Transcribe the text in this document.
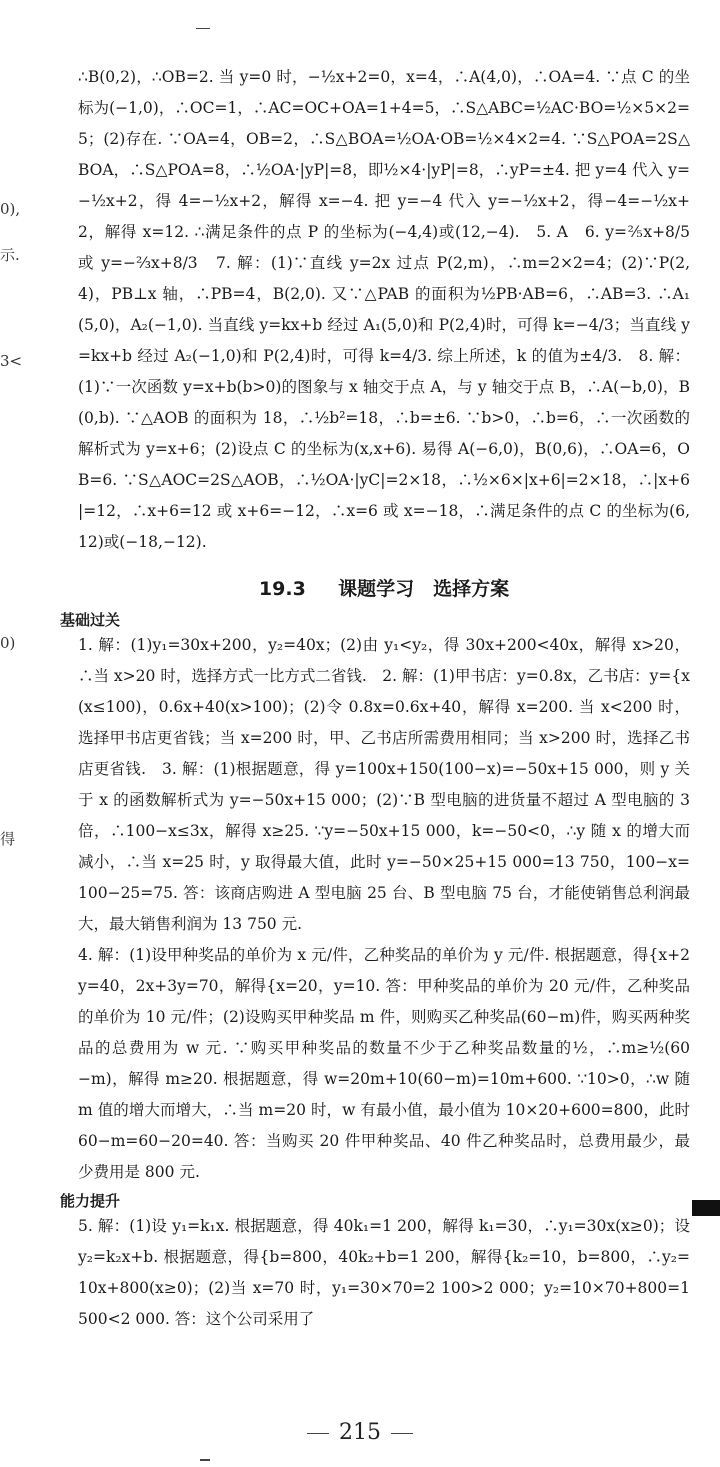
0),
示.
3<
0)
得

∴B(0,2)，∴OB=2. 当 y=0 时，−½x+2=0，x=4，∴A(4,0)，∴OA=4. ∵点 C 的坐标为(−1,0)，∴OC=1，∴AC=OC+OA=1+4=5，∴S△ABC=½AC·BO=½×5×2=5；(2)存在. ∵OA=4，OB=2，∴S△BOA=½OA·OB=½×4×2=4. ∵S△POA=2S△BOA，∴S△POA=8，∴½OA·|yP|=8，即½×4·|yP|=8，∴yP=±4. 把 y=4 代入 y=−½x+2，得 4=−½x+2，解得 x=−4. 把 y=−4 代入 y=−½x+2，得−4=−½x+2，解得 x=12. ∴满足条件的点 P 的坐标为(−4,4)或(12,−4).　5. A　6. y=⅖x+8/5 或 y=−⅔x+8/3　7. 解：(1)∵直线 y=2x 过点 P(2,m)，∴m=2×2=4；(2)∵P(2,4)，PB⊥x 轴，∴PB=4，B(2,0). 又∵△PAB 的面积为½PB·AB=6，∴AB=3. ∴A₁(5,0)，A₂(−1,0). 当直线 y=kx+b 经过 A₁(5,0)和 P(2,4)时，可得 k=−4/3；当直线 y=kx+b 经过 A₂(−1,0)和 P(2,4)时，可得 k=4/3. 综上所述，k 的值为±4/3.　8. 解：(1)∵一次函数 y=x+b(b>0)的图象与 x 轴交于点 A，与 y 轴交于点 B，∴A(−b,0)，B(0,b). ∵△AOB 的面积为 18，∴½b²=18，∴b=±6. ∵b>0，∴b=6，∴一次函数的解析式为 y=x+6；(2)设点 C 的坐标为(x,x+6). 易得 A(−6,0)，B(0,6)，∴OA=6，OB=6. ∵S△AOC=2S△AOB，∴½OA·|yC|=2×18，∴½×6×|x+6|=2×18，∴|x+6|=12，∴x+6=12 或 x+6=−12，∴x=6 或 x=−18，∴满足条件的点 C 的坐标为(6,12)或(−18,−12).

19.3 　 课题学习　选择方案
基础过关

1. 解：(1)y₁=30x+200，y₂=40x；(2)由 y₁<y₂，得 30x+200<40x，解得 x>20，∴当 x>20 时，选择方式一比方式二省钱.　2. 解：(1)甲书店：y=0.8x，乙书店：y={x(x≤100)，0.6x+40(x>100)；(2)令 0.8x=0.6x+40，解得 x=200. 当 x<200 时，选择甲书店更省钱；当 x=200 时，甲、乙书店所需费用相同；当 x>200 时，选择乙书店更省钱.　3. 解：(1)根据题意，得 y=100x+150(100−x)=−50x+15 000，则 y 关于 x 的函数解析式为 y=−50x+15 000；(2)∵B 型电脑的进货量不超过 A 型电脑的 3 倍，∴100−x≤3x，解得 x≥25. ∵y=−50x+15 000，k=−50<0，∴y 随 x 的增大而减小，∴当 x=25 时，y 取得最大值，此时 y=−50×25+15 000=13 750，100−x=100−25=75. 答：该商店购进 A 型电脑 25 台、B 型电脑 75 台，才能使销售总利润最大，最大销售利润为 13 750 元.

4. 解：(1)设甲种奖品的单价为 x 元/件，乙种奖品的单价为 y 元/件. 根据题意，得{x+2y=40，2x+3y=70，解得{x=20，y=10. 答：甲种奖品的单价为 20 元/件，乙种奖品的单价为 10 元/件；(2)设购买甲种奖品 m 件，则购买乙种奖品(60−m)件，购买两种奖品的总费用为 w 元. ∵购买甲种奖品的数量不少于乙种奖品数量的½，∴m≥½(60−m)，解得 m≥20. 根据题意，得 w=20m+10(60−m)=10m+600. ∵10>0，∴w 随 m 值的增大而增大，∴当 m=20 时，w 有最小值，最小值为 10×20+600=800，此时 60−m=60−20=40. 答：当购买 20 件甲种奖品、40 件乙种奖品时，总费用最少，最少费用是 800 元.

能力提升

5. 解：(1)设 y₁=k₁x. 根据题意，得 40k₁=1 200，解得 k₁=30，∴y₁=30x(x≥0)；设 y₂=k₂x+b. 根据题意，得{b=800，40k₂+b=1 200，解得{k₂=10，b=800，∴y₂=10x+800(x≥0)；(2)当 x=70 时，y₁=30×70=2 100>2 000；y₂=10×70+800=1 500<2 000. 答：这个公司采用了

215
